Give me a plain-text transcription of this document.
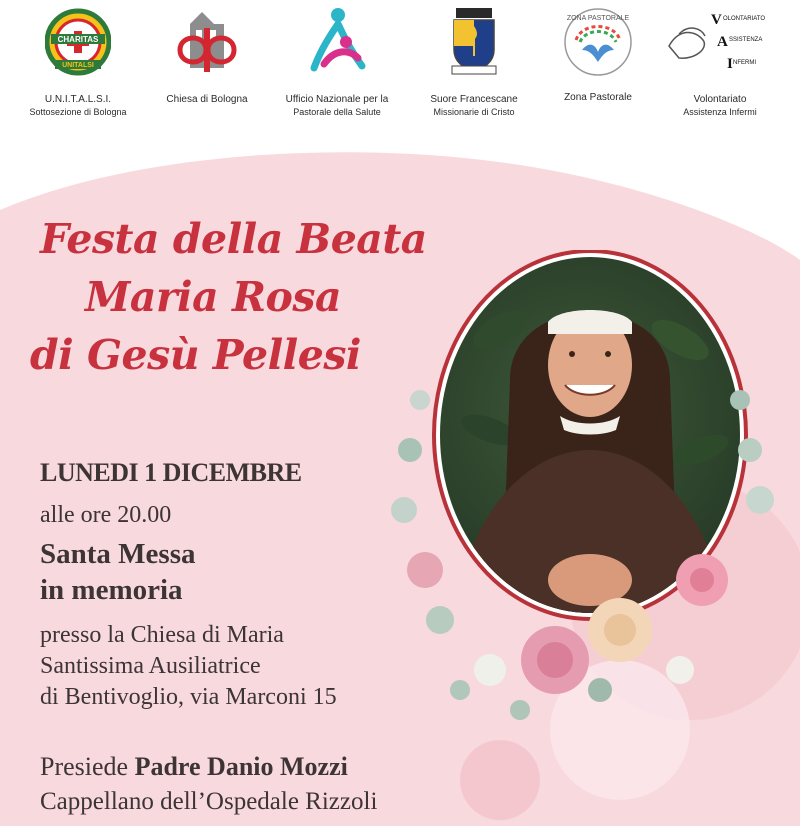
CHARITAS
UNITALSI
U.N.I.T.A.L.S.I.
Sottosezione di Bologna
Chiesa di Bologna	Ufficio Nazionale per la
Pastorale della Salute
Suore Francescane
Missionarie di Cristo
ZONA PASTORALE
Zona Pastorale
V OLONTARIATO
A SSISTENZA
I NFERMI
Volontariato
Assistenza Infermi
Festa della Beata
Maria Rosa
di Gesù Pellesi
LUNEDI 1 DICEMBRE
alle ore 20.00
Santa Messa
in memoria
presso la Chiesa di Maria
Santissima Ausiliatrice
di Bentivoglio, via Marconi 15
Presiede Padre Danio Mozzi
Cappellano dell’Ospedale Rizzoli
